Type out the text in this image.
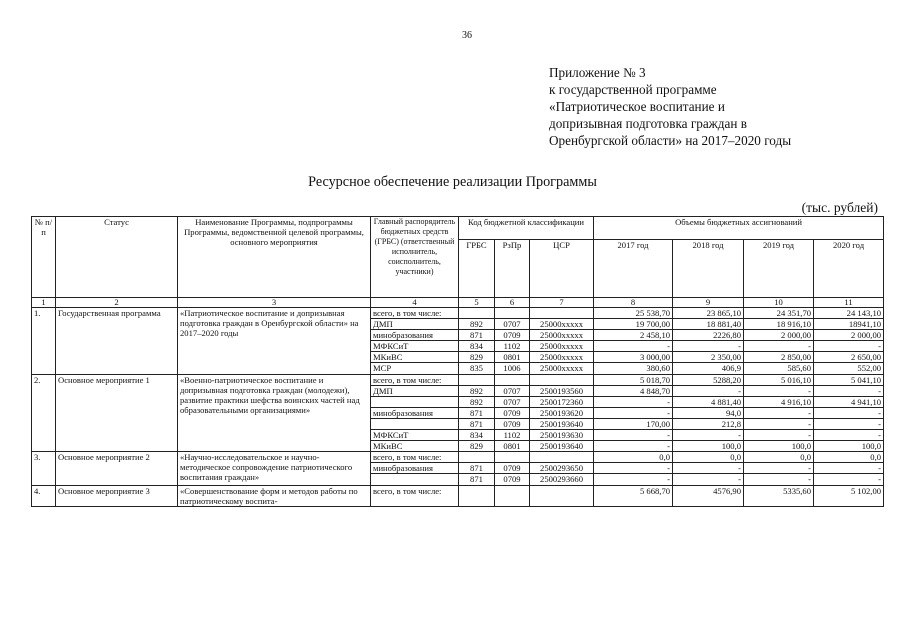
36
Приложение № 3
к государственной программе
«Патриотическое воспитание и
допризывная подготовка граждан в
Оренбургской области» на 2017–2020 годы
Ресурсное обеспечение реализации Программы
(тыс. рублей)
№ п/п	Статус	Наименование Программы, подпрограммы Программы, ведомственной целевой программы, основного мероприятия	Главный распорядитель бюджетных средств (ГРБС) (ответственный исполнитель, соисполнитель, участники)	Код бюджетной классификации			Объемы бюджетных ассигнований			
				ГРБС	РзПр	ЦСР	2017 год	2018 год	2019 год	2020 год
1	2	3	4	5	6	7	8	9	10	11
1.	Государственная программа	«Патриотическое воспитание и допризывная подготовка граждан в Оренбургской области» на 2017–2020 годы	всего, в том числе:				25 538,70	23 865,10	24 351,70	24 143,10
			ДМП	892	0707	25000xxxxx	19 700,00	18 881,40	18 916,10	18941,10
			минобразования	871	0709	25000xxxxx	2 458,10	2226,80	2 000,00	2 000,00
			МФКСиТ	834	1102	25000xxxxx	-	-	-	-
			МКиВС	829	0801	25000xxxxx	3 000,00	2 350,00	2 850,00	2 650,00
			МСР	835	1006	25000xxxxx	380,60	406,9	585,60	552,00
2.	Основное мероприятие 1	«Военно-патриотическое воспитание и допризывная подготовка граждан (молодежи), развитие практики шефства воинских частей над образовательными организациями»	всего, в том числе:				5 018,70	5288,20	5 016,10	5 041,10
			ДМП	892	0707	2500193560	4 848,70	-	-	-
				892	0707	2500172360	-	4 881,40	4 916,10	4 941,10
			минобразования	871	0709	2500193620	-	94,0	-	-
				871	0709	2500193640	170,00	212,8	-	-
			МФКСиТ	834	1102	2500193630	-	-	-	-
			МКиВС	829	0801	2500193640	-	100,0	100,0	100,0
3.	Основное мероприятие 2	«Научно-исследовательское и научно-методическое сопровождение патриотического воспитания граждан»	всего, в том числе:				0,0	0,0	0,0	0,0
			минобразования	871	0709	2500293650	-	-	-	-
				871	0709	2500293660	-	-	-	-
4.	Основное мероприятие 3	«Совершенствование форм и методов работы по патриотическому воспита-	всего, в том числе:				5 668,70	4576,90	5335,60	5 102,00
